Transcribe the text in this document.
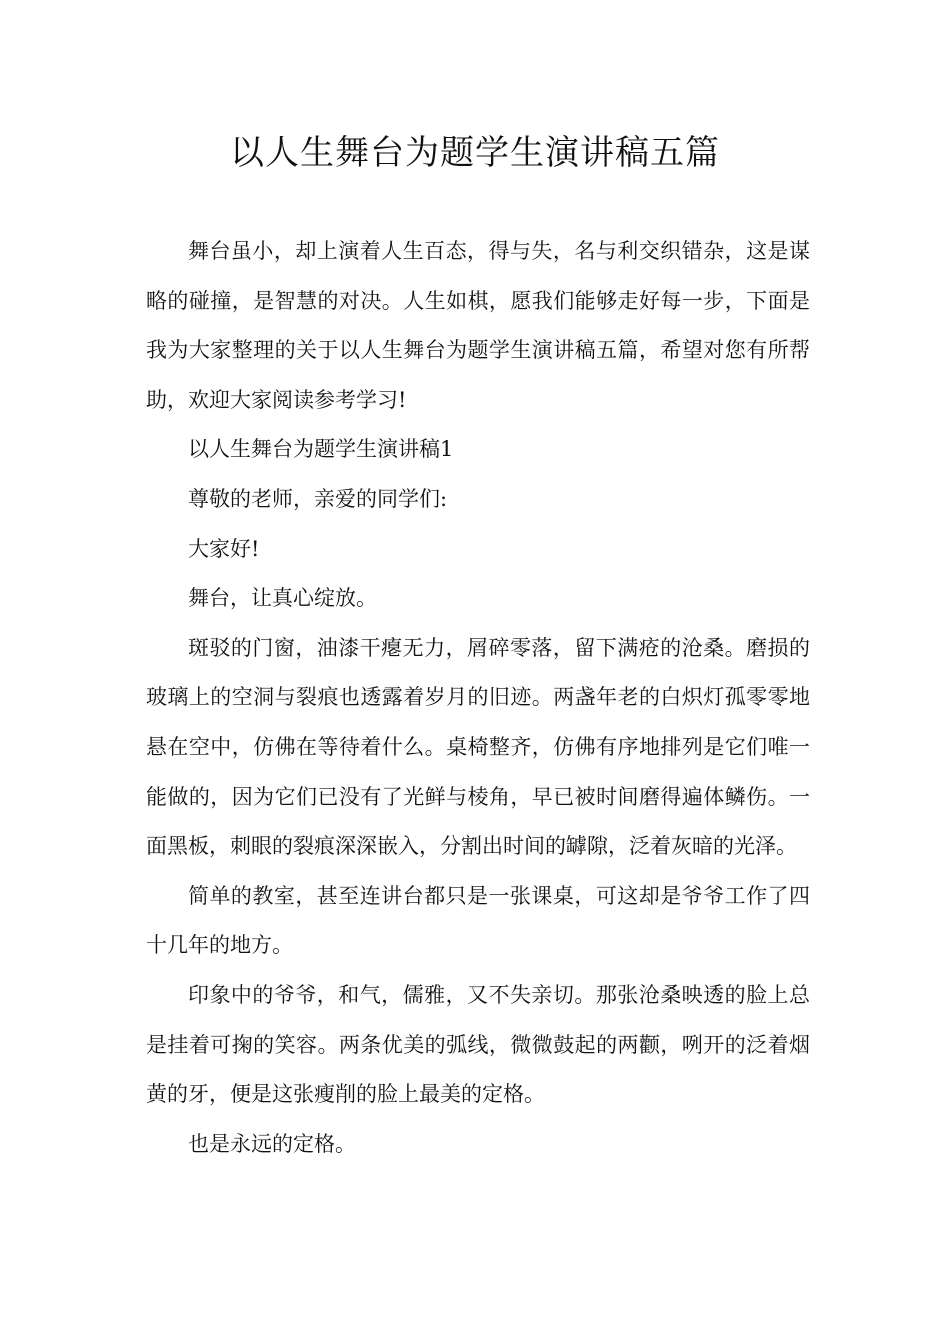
以人生舞台为题学生演讲稿五篇

舞台虽小，却上演着人生百态，得与失，名与利交织错杂，这是谋略的碰撞，是智慧的对决。人生如棋，愿我们能够走好每一步，下面是我为大家整理的关于以人生舞台为题学生演讲稿五篇，希望对您有所帮助，欢迎大家阅读参考学习!

以人生舞台为题学生演讲稿1

尊敬的老师，亲爱的同学们:

大家好!

舞台，让真心绽放。

斑驳的门窗，油漆干瘪无力，屑碎零落，留下满疮的沧桑。磨损的玻璃上的空洞与裂痕也透露着岁月的旧迹。两盏年老的白炽灯孤零零地悬在空中，仿佛在等待着什么。桌椅整齐，仿佛有序地排列是它们唯一能做的，因为它们已没有了光鲜与棱角，早已被时间磨得遍体鳞伤。一面黑板，刺眼的裂痕深深嵌入，分割出时间的罅隙，泛着灰暗的光泽。

简单的教室，甚至连讲台都只是一张课桌，可这却是爷爷工作了四十几年的地方。

印象中的爷爷，和气，儒雅，又不失亲切。那张沧桑映透的脸上总是挂着可掬的笑容。两条优美的弧线，微微鼓起的两颧，咧开的泛着烟黄的牙，便是这张瘦削的脸上最美的定格。

也是永远的定格。
